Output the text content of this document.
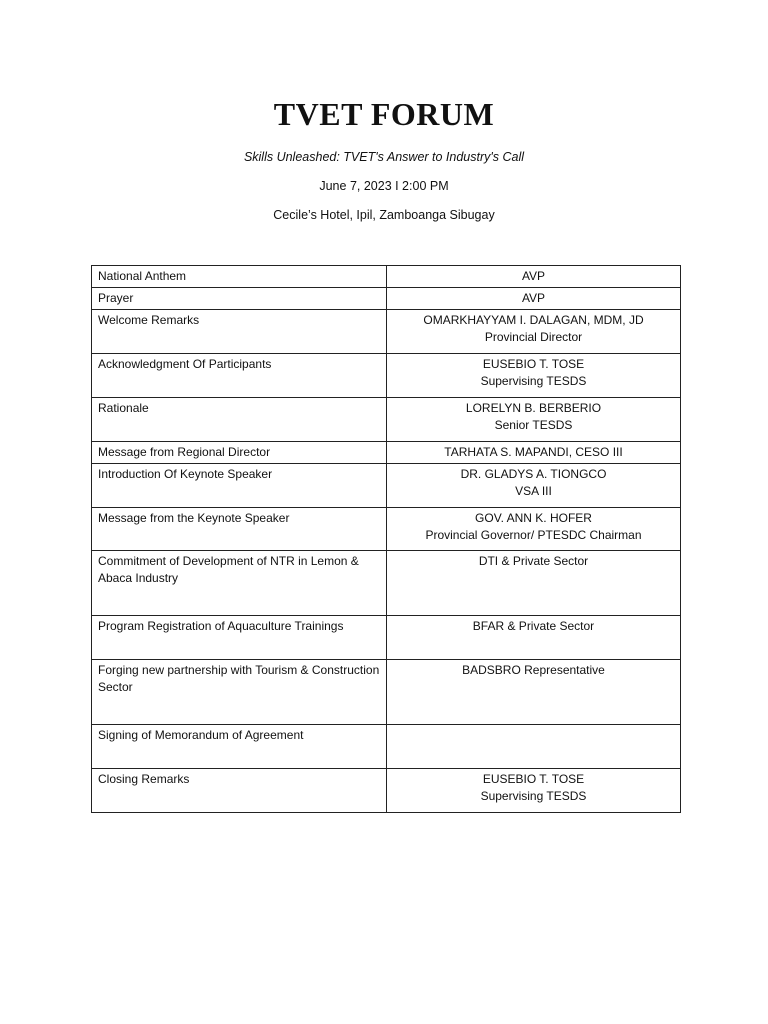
TVET FORUM
Skills Unleashed: TVET's Answer to Industry's Call
June 7, 2023 I 2:00 PM
Cecile’s Hotel, Ipil, Zamboanga Sibugay
National Anthem	AVP
Prayer	AVP
Welcome Remarks	OMARKHAYYAM I. DALAGAN, MDM, JD
Provincial Director

Acknowledgment Of Participants	EUSEBIO T. TOSE
Supervising TESDS

Rationale	LORELYN B. BERBERIO
Senior TESDS

Message from Regional Director	TARHATA S. MAPANDI, CESO III
Introduction Of Keynote Speaker	DR. GLADYS A. TIONGCO
VSA III

Message from the Keynote Speaker	GOV. ANN K. HOFER
Provincial Governor/ PTESDC Chairman

Commitment of Development of NTR in Lemon & Abaca Industry	DTI & Private Sector
Program Registration of Aquaculture Trainings	BFAR & Private Sector
Forging new partnership with Tourism & Construction Sector	BADSBRO Representative
Signing of Memorandum of Agreement	
Closing Remarks	EUSEBIO T. TOSE
Supervising TESDS
